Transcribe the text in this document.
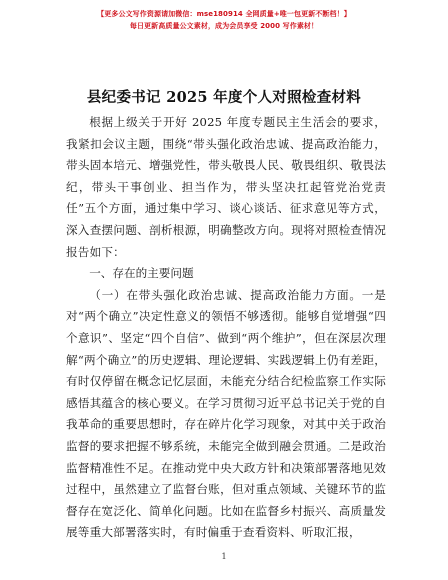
【更多公文写作资源请加微信：mse180914 全网质量+唯一包更新不断档！】
每日更新高质量公文素材，成为会员享受 2000 写作素材！
县纪委书记 2025 年度个人对照检查材料

根据上级关于开好 2025 年度专题民主生活会的要求，我紧扣会议主题，围绕“带头强化政治忠诚、提高政治能力，带头固本培元、增强党性，带头敬畏人民、敬畏组织、敬畏法纪，带头干事创业、担当作为，带头坚决扛起管党治党责任”五个方面，通过集中学习、谈心谈话、征求意见等方式，深入查摆问题、剖析根源，明确整改方向。现将对照检查情况报告如下：

一、存在的主要问题

（一）在带头强化政治忠诚、提高政治能力方面。一是对“两个确立”决定性意义的领悟不够透彻。能够自觉增强“四个意识”、坚定“四个自信”、做到“两个维护”，但在深层次理解“两个确立”的历史逻辑、理论逻辑、实践逻辑上仍有差距，有时仅停留在概念记忆层面，未能充分结合纪检监察工作实际感悟其蕴含的核心要义。在学习贯彻习近平总书记关于党的自我革命的重要思想时，存在碎片化学习现象，对其中关于政治监督的要求把握不够系统，未能完全做到融会贯通。二是政治监督精准性不足。在推动党中央大政方针和决策部署落地见效过程中，虽然建立了监督台账，但对重点领域、关键环节的监督存在宽泛化、简单化问题。比如在监督乡村振兴、高质量发展等重大部署落实时，有时偏重于查看资料、听取汇报，

1
